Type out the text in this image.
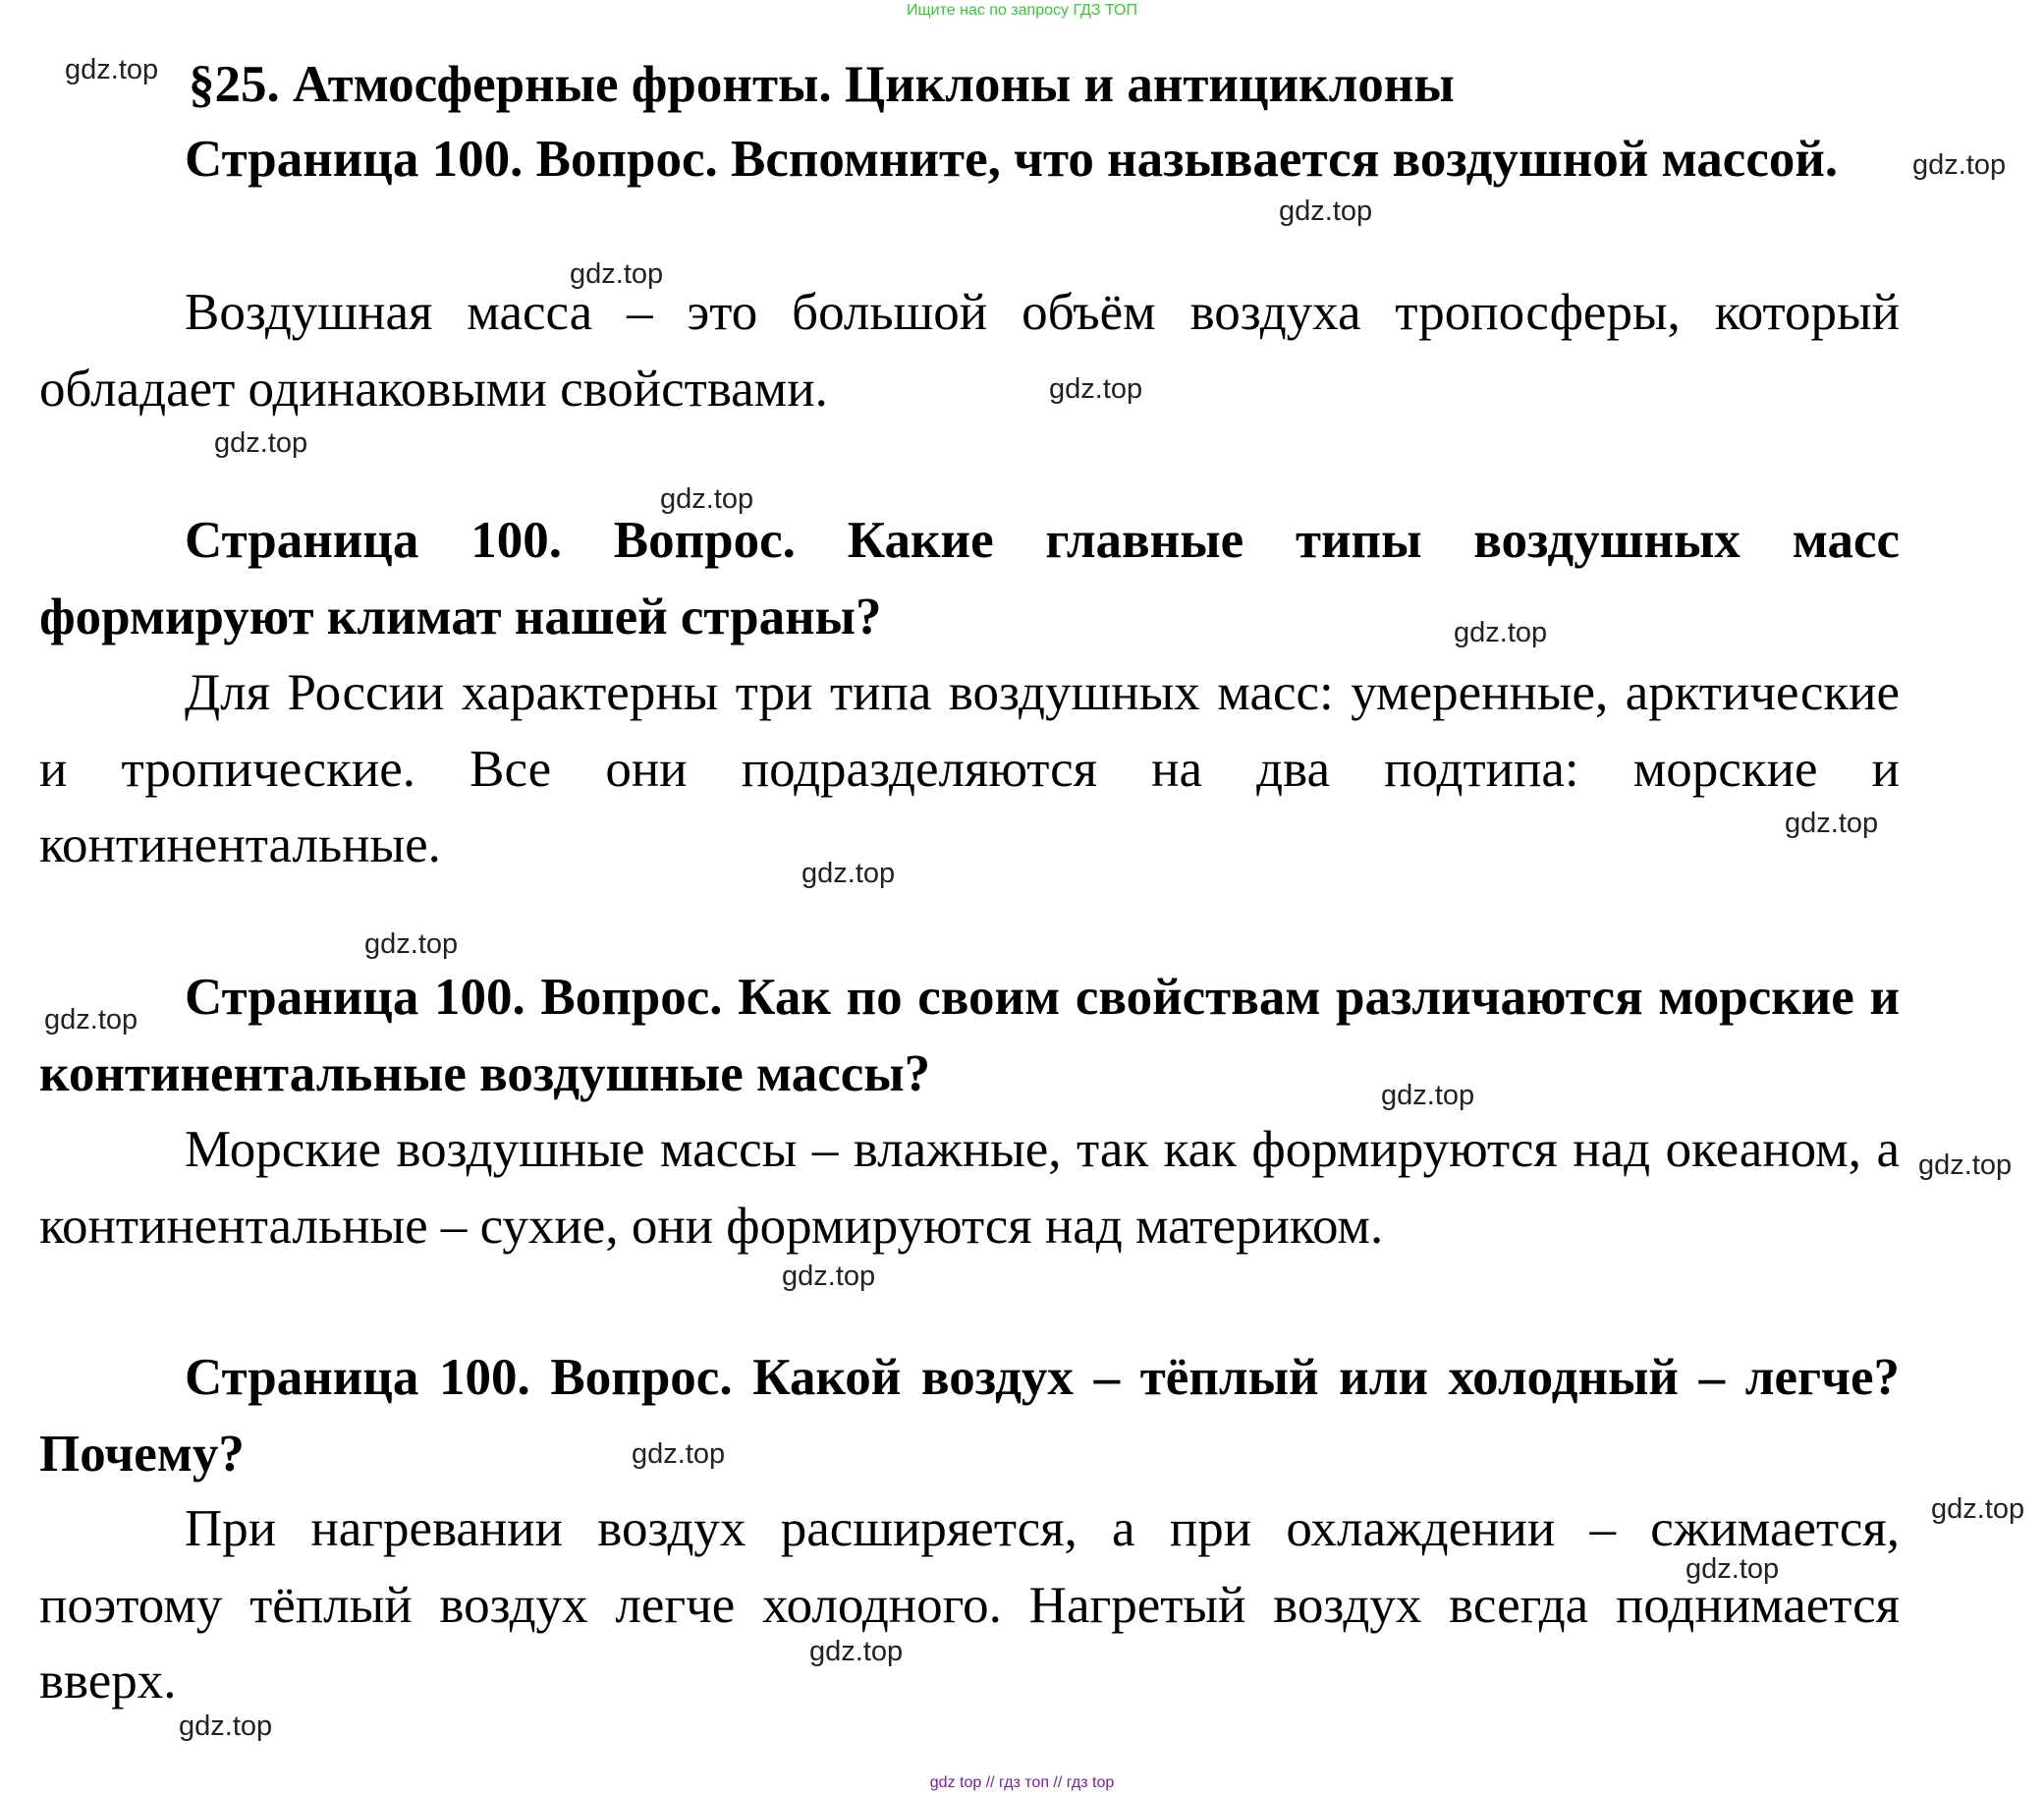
Ищите нас по запросу ГДЗ ТОП
§25. Атмосферные фронты. Циклоны и антициклоны

Страница 100. Вопрос. Вспомните, что называется воздушной массой.

Воздушная масса – это большой объём воздуха тропосферы, который обладает одинаковыми свойствами.

Страница 100. Вопрос. Какие главные типы воздушных масс формируют климат нашей страны?

Для России характерны три типа воздушных масс: умеренные, арктические и тропические. Все они подразделяются на два подтипа: морские и континентальные.

Страница 100. Вопрос. Как по своим свойствам различаются морские и континентальные воздушные массы?

Морские воздушные массы – влажные, так как формируются над океаном, а континентальные – сухие, они формируются над материком.

Страница 100. Вопрос. Какой воздух – тёплый или холодный – легче? Почему?

При нагревании воздух расширяется, а при охлаждении – сжимается, поэтому тёплый воздух легче холодного. Нагретый воздух всегда поднимается вверх.

gdz.top
gdz.top
gdz.top
gdz.top
gdz.top
gdz.top
gdz.top
gdz.top
gdz.top
gdz.top
gdz.top
gdz.top
gdz.top
gdz.top
gdz.top
gdz.top
gdz.top
gdz.top
gdz.top
gdz.top
gdz top // гдз топ // гдз top
